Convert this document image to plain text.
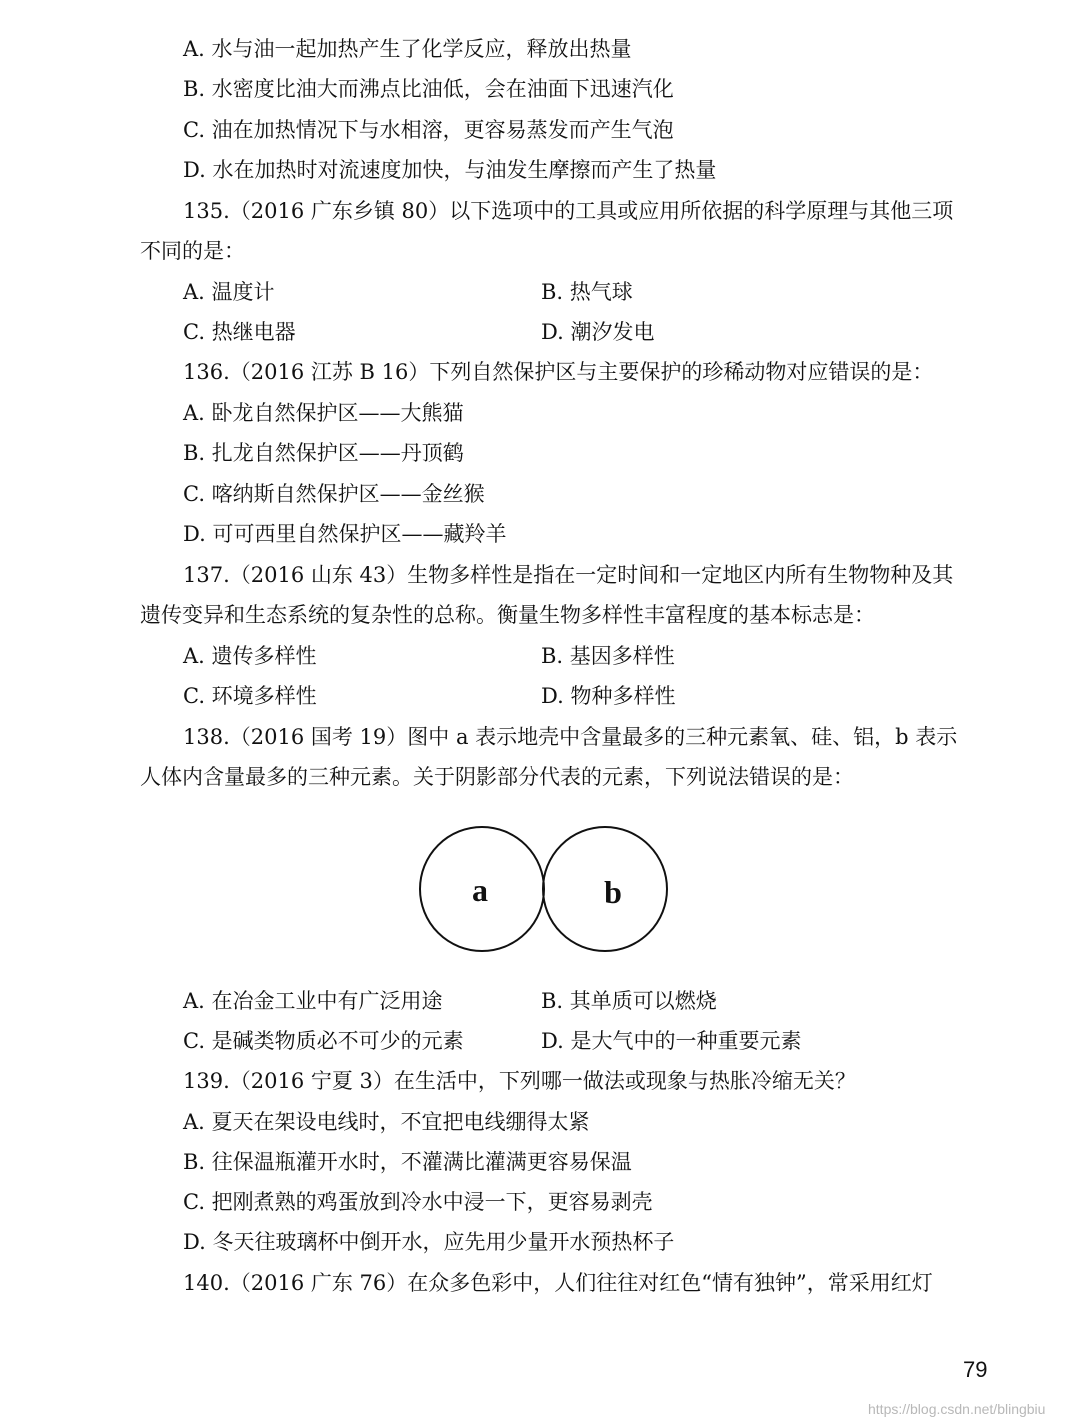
A. 水与油一起加热产生了化学反应，释放出热量
B. 水密度比油大而沸点比油低，会在油面下迅速汽化
C. 油在加热情况下与水相溶，更容易蒸发而产生气泡
D. 水在加热时对流速度加快，与油发生摩擦而产生了热量
135.（2016 广东乡镇 80）以下选项中的工具或应用所依据的科学原理与其他三项
不同的是：
A. 温度计	B. 热气球
C. 热继电器	D. 潮汐发电
136.（2016 江苏 B 16）下列自然保护区与主要保护的珍稀动物对应错误的是：
A. 卧龙自然保护区——大熊猫
B. 扎龙自然保护区——丹顶鹤
C. 喀纳斯自然保护区——金丝猴
D. 可可西里自然保护区——藏羚羊
137.（2016 山东 43）生物多样性是指在一定时间和一定地区内所有生物物种及其
遗传变异和生态系统的复杂性的总称。衡量生物多样性丰富程度的基本标志是：
A. 遗传多样性	B. 基因多样性
C. 环境多样性	D. 物种多样性
138.（2016 国考 19）图中 a 表示地壳中含量最多的三种元素氧、硅、铝，b 表示
人体内含量最多的三种元素。关于阴影部分代表的元素，下列说法错误的是：
a	b
A. 在冶金工业中有广泛用途	B. 其单质可以燃烧
C. 是碱类物质必不可少的元素	D. 是大气中的一种重要元素
139.（2016 宁夏 3）在生活中，下列哪一做法或现象与热胀冷缩无关？
A. 夏天在架设电线时，不宜把电线绷得太紧
B. 往保温瓶灌开水时，不灌满比灌满更容易保温
C. 把刚煮熟的鸡蛋放到冷水中浸一下，更容易剥壳
D. 冬天往玻璃杯中倒开水，应先用少量开水预热杯子
140.（2016 广东 76）在众多色彩中，人们往往对红色“情有独钟”，常采用红灯
79
https://blog.csdn.net/blingbiu
